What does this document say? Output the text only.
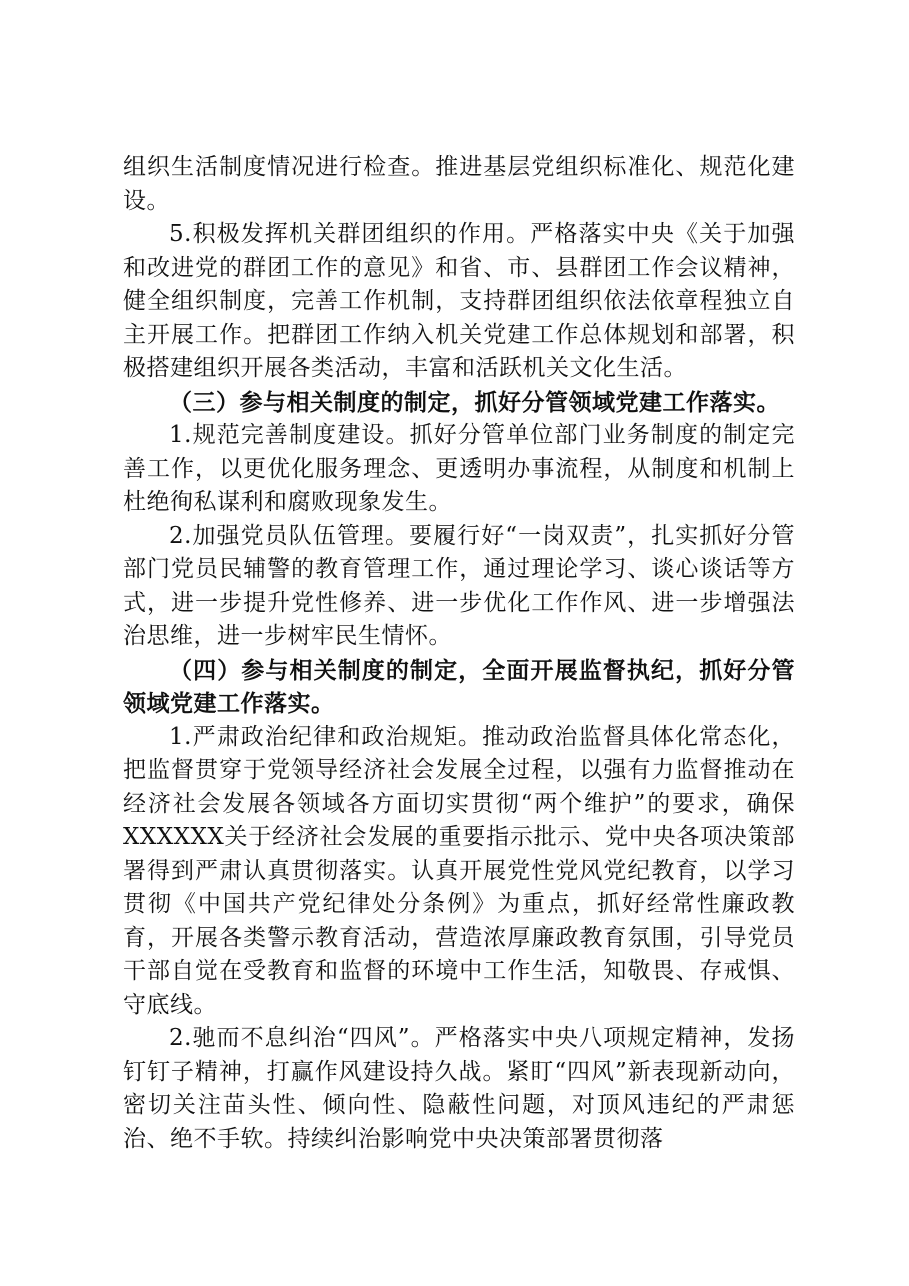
组织生活制度情况进行检查。推进基层党组织标准化、规范化建设。

5.积极发挥机关群团组织的作用。严格落实中央《关于加强和改进党的群团工作的意见》和省、市、县群团工作会议精神，健全组织制度，完善工作机制，支持群团组织依法依章程独立自主开展工作。把群团工作纳入机关党建工作总体规划和部署，积极搭建组织开展各类活动，丰富和活跃机关文化生活。

（三）参与相关制度的制定，抓好分管领域党建工作落实。

1.规范完善制度建设。抓好分管单位部门业务制度的制定完善工作，以更优化服务理念、更透明办事流程，从制度和机制上杜绝徇私谋利和腐败现象发生。

2.加强党员队伍管理。要履行好“一岗双责”，扎实抓好分管部门党员民辅警的教育管理工作，通过理论学习、谈心谈话等方式，进一步提升党性修养、进一步优化工作作风、进一步增强法治思维，进一步树牢民生情怀。

（四）参与相关制度的制定，全面开展监督执纪，抓好分管领域党建工作落实。

1.严肃政治纪律和政治规矩。推动政治监督具体化常态化，把监督贯穿于党领导经济社会发展全过程，以强有力监督推动在经济社会发展各领域各方面切实贯彻“两个维护”的要求，确保XXXXXX关于经济社会发展的重要指示批示、党中央各项决策部署得到严肃认真贯彻落实。认真开展党性党风党纪教育，以学习贯彻《中国共产党纪律处分条例》为重点，抓好经常性廉政教育，开展各类警示教育活动，营造浓厚廉政教育氛围，引导党员干部自觉在受教育和监督的环境中工作生活，知敬畏、存戒惧、守底线。

2.驰而不息纠治“四风”。严格落实中央八项规定精神，发扬钉钉子精神，打赢作风建设持久战。紧盯“四风”新表现新动向，密切关注苗头性、倾向性、隐蔽性问题，对顶风违纪的严肃惩治、绝不手软。持续纠治影响党中央决策部署贯彻落
